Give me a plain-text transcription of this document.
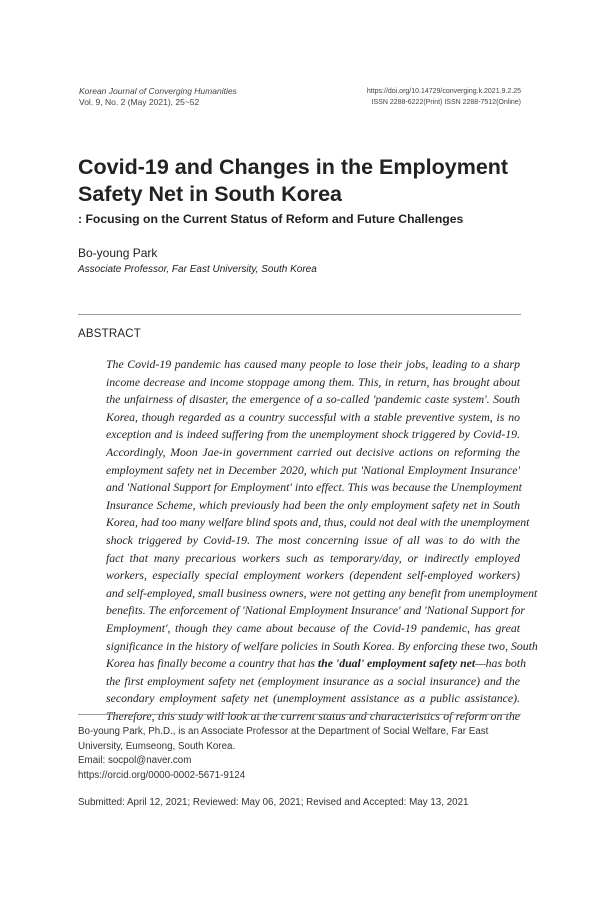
Korean Journal of Converging Humanities
Vol. 9, No. 2 (May 2021), 25~52
https://doi.org/10.14729/converging.k.2021.9.2.25
ISSN 2288-6222(Print) ISSN 2288-7512(Online)
Covid-19 and Changes in the Employment
Safety Net in South Korea
: Focusing on the Current Status of Reform and Future Challenges
Bo-young Park
Associate Professor, Far East University, South Korea
ABSTRACT
The Covid-19 pandemic has caused many people to lose their jobs, leading to a sharp
income decrease and income stoppage among them. This, in return, has brought about
the unfairness of disaster, the emergence of a so-called 'pandemic caste system'. South
Korea, though regarded as a country successful with a stable preventive system, is no
exception and is indeed suffering from the unemployment shock triggered by Covid-19.
Accordingly, Moon Jae-in government carried out decisive actions on reforming the
employment safety net in December 2020, which put 'National Employment Insurance'
and 'National Support for Employment' into effect. This was because the Unemployment
Insurance Scheme, which previously had been the only employment safety net in South
Korea, had too many welfare blind spots and, thus, could not deal with the unemployment
shock triggered by Covid-19. The most concerning issue of all was to do with the
fact that many precarious workers such as temporary/day, or indirectly employed
workers, especially special employment workers (dependent self-employed workers)
and self-employed, small business owners, were not getting any benefit from unemployment
benefits. The enforcement of 'National Employment Insurance' and 'National Support for
Employment', though they came about because of the Covid-19 pandemic, has great
significance in the history of welfare policies in South Korea. By enforcing these two, South
Korea has finally become a country that has the 'dual' employment safety net—has both
the first employment safety net (employment insurance as a social insurance) and the
secondary employment safety net (unemployment assistance as a public assistance).
Therefore, this study will look at the current status and characteristics of reform on the
Bo-young Park, Ph.D., is an Associate Professor at the Department of Social Welfare, Far East
University, Eumseong, South Korea.
Email: socpol@naver.com
https://orcid.org/0000-0002-5671-9124
Submitted: April 12, 2021; Reviewed: May 06, 2021; Revised and Accepted: May 13, 2021
